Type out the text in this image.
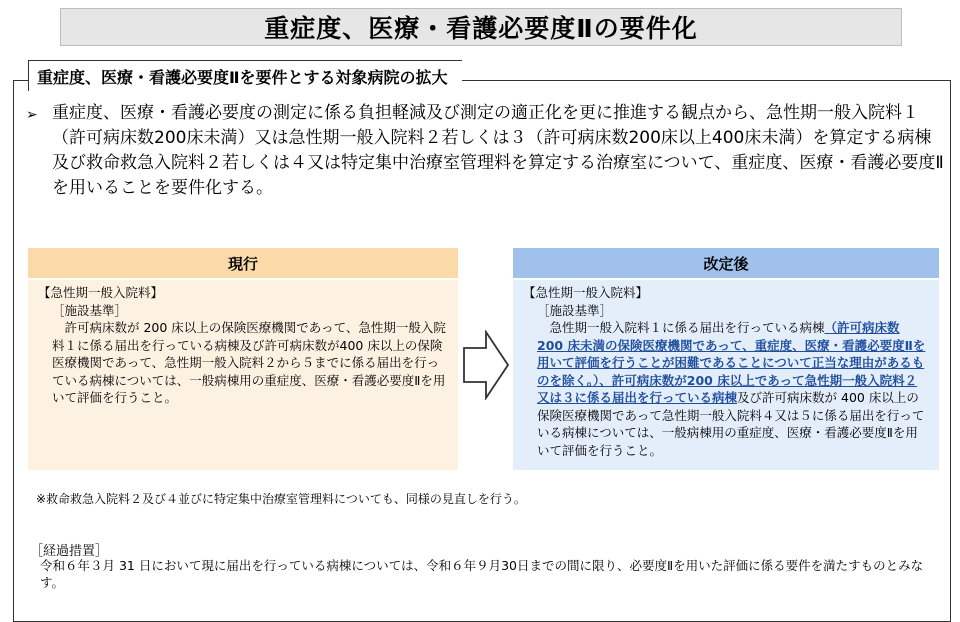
重症度、医療・看護必要度Ⅱの要件化
重症度、医療・看護必要度Ⅱを要件とする対象病院の拡大
➢ 重症度、医療・看護必要度の測定に係る負担軽減及び測定の適正化を更に推進する観点から、急性期一般入院料１（許可病床数200床未満）又は急性期一般入院料２若しくは３（許可病床数200床以上400床未満）を算定する病棟及び救命救急入院料２若しくは４又は特定集中治療室管理料を算定する治療室について、重症度、医療・看護必要度Ⅱを用いることを要件化する。
現行
【急性期一般入院料】
［施設基準］
許可病床数が 200 床以上の保険医療機関であって、急性期一般入院料１に係る届出を行っている病棟及び許可病床数が400 床以上の保険医療機関であって、急性期一般入院料２から５までに係る届出を行っている病棟については、一般病棟用の重症度、医療・看護必要度Ⅱを用いて評価を行うこと。
改定後
【急性期一般入院料】
［施設基準］
急性期一般入院料１に係る届出を行っている病棟（許可病床数 200 床未満の保険医療機関であって、重症度、医療・看護必要度Ⅱを用いて評価を行うことが困難であることについて正当な理由があるものを除く。）、許可病床数が200 床以上であって急性期一般入院料２又は３に係る届出を行っている病棟及び許可病床数が 400 床以上の保険医療機関であって急性期一般入院料４又は５に係る届出を行っている病棟については、一般病棟用の重症度、医療・看護必要度Ⅱを用いて評価を行うこと。
※救命救急入院料２及び４並びに特定集中治療室管理料についても、同様の見直しを行う。
［経過措置］
令和６年３月 31 日において現に届出を行っている病棟については、令和６年９月30日までの間に限り、必要度Ⅱを用いた評価に係る要件を満たすものとみなす。
